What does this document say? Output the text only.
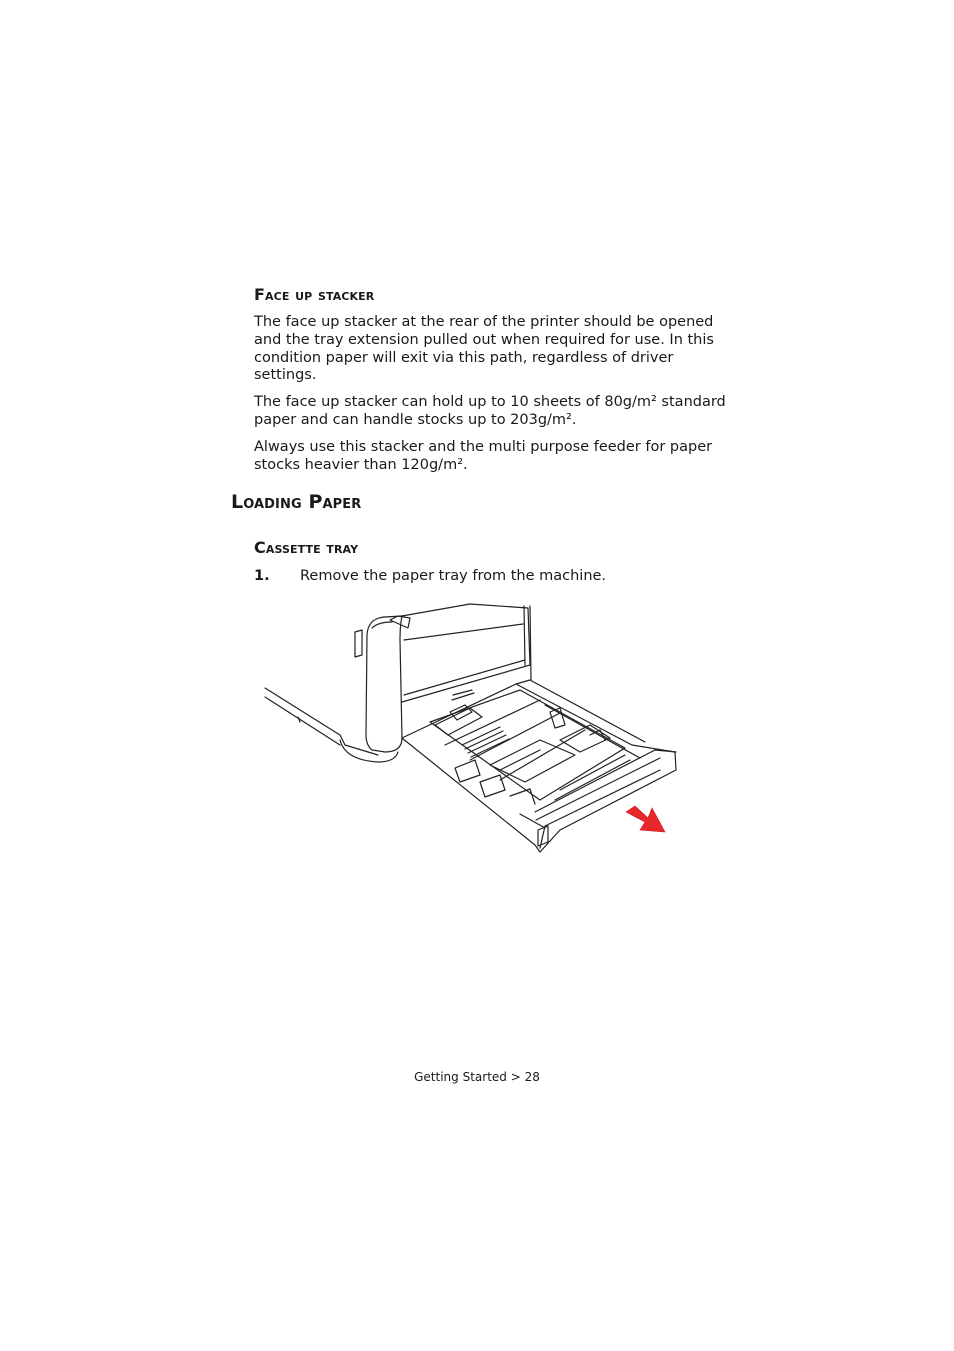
Face up stacker

The face up stacker at the rear of the printer should be opened and the tray extension pulled out when required for use. In this condition paper will exit via this path, regardless of driver settings.

The face up stacker can hold up to 10 sheets of 80g/m² standard paper and can handle stocks up to 203g/m².

Always use this stacker and the multi purpose feeder for paper stocks heavier than 120g/m².

Loading Paper
Cassette tray
1. Remove the paper tray from the machine.
Getting Started > 28
